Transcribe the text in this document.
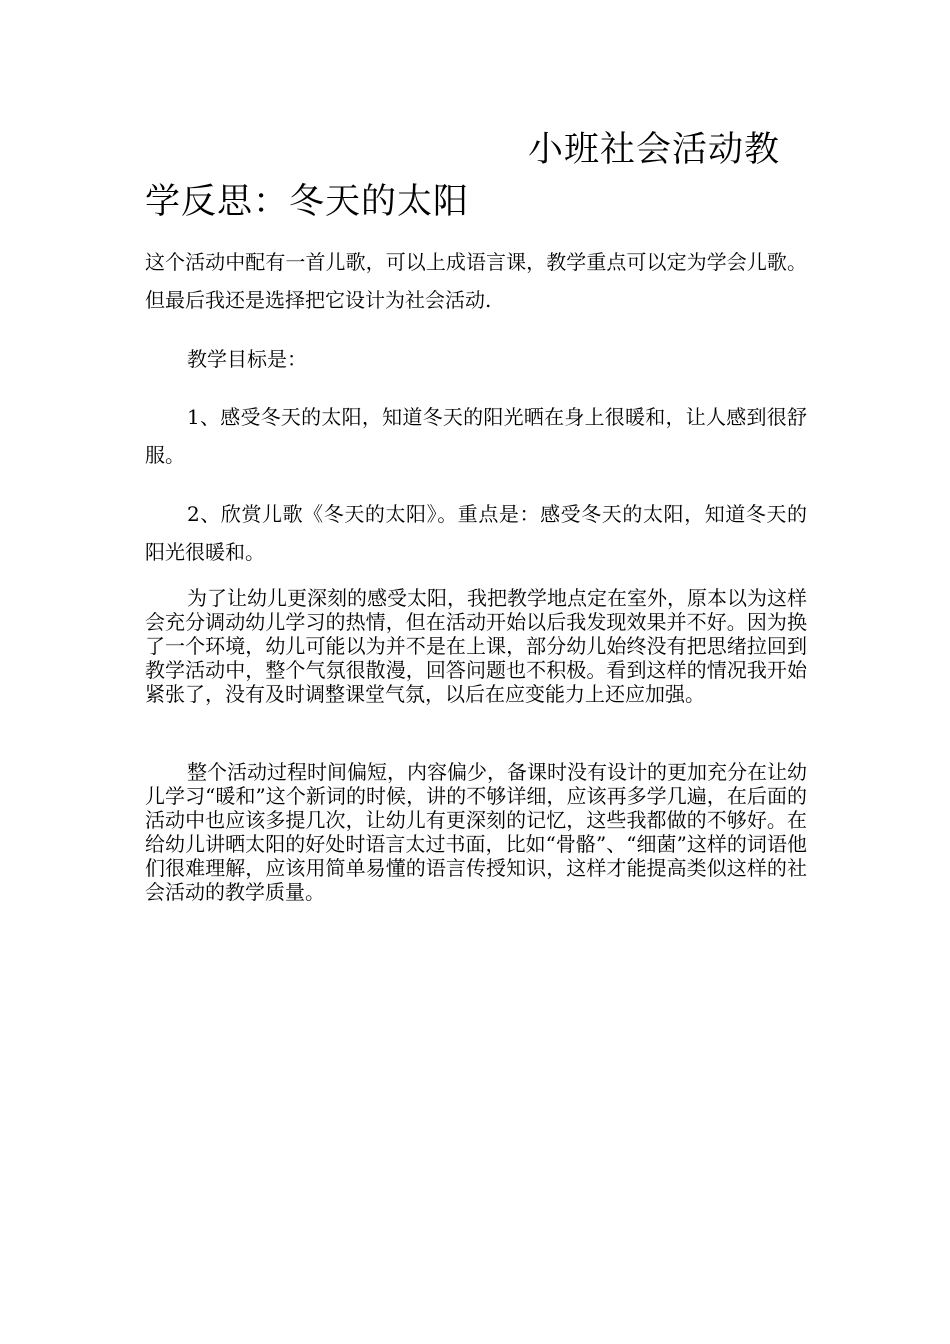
小班社会活动教
学反思：冬天的太阳

这个活动中配有一首儿歌，可以上成语言课，教学重点可以定为学会儿歌。但最后我还是选择把它设计为社会活动.

教学目标是：

1、感受冬天的太阳，知道冬天的阳光晒在身上很暖和，让人感到很舒服。

2、欣赏儿歌《冬天的太阳》。重点是：感受冬天的太阳，知道冬天的阳光很暖和。

为了让幼儿更深刻的感受太阳，我把教学地点定在室外，原本以为这样会充分调动幼儿学习的热情，但在活动开始以后我发现效果并不好。因为换了一个环境，幼儿可能以为并不是在上课，部分幼儿始终没有把思绪拉回到教学活动中，整个气氛很散漫，回答问题也不积极。看到这样的情况我开始紧张了，没有及时调整课堂气氛，以后在应变能力上还应加强。

整个活动过程时间偏短，内容偏少，备课时没有设计的更加充分在让幼儿学习“暖和”这个新词的时候，讲的不够详细，应该再多学几遍，在后面的活动中也应该多提几次，让幼儿有更深刻的记忆，这些我都做的不够好。在给幼儿讲晒太阳的好处时语言太过书面，比如“骨骼”、“细菌”这样的词语他们很难理解，应该用简单易懂的语言传授知识，这样才能提高类似这样的社会活动的教学质量。
